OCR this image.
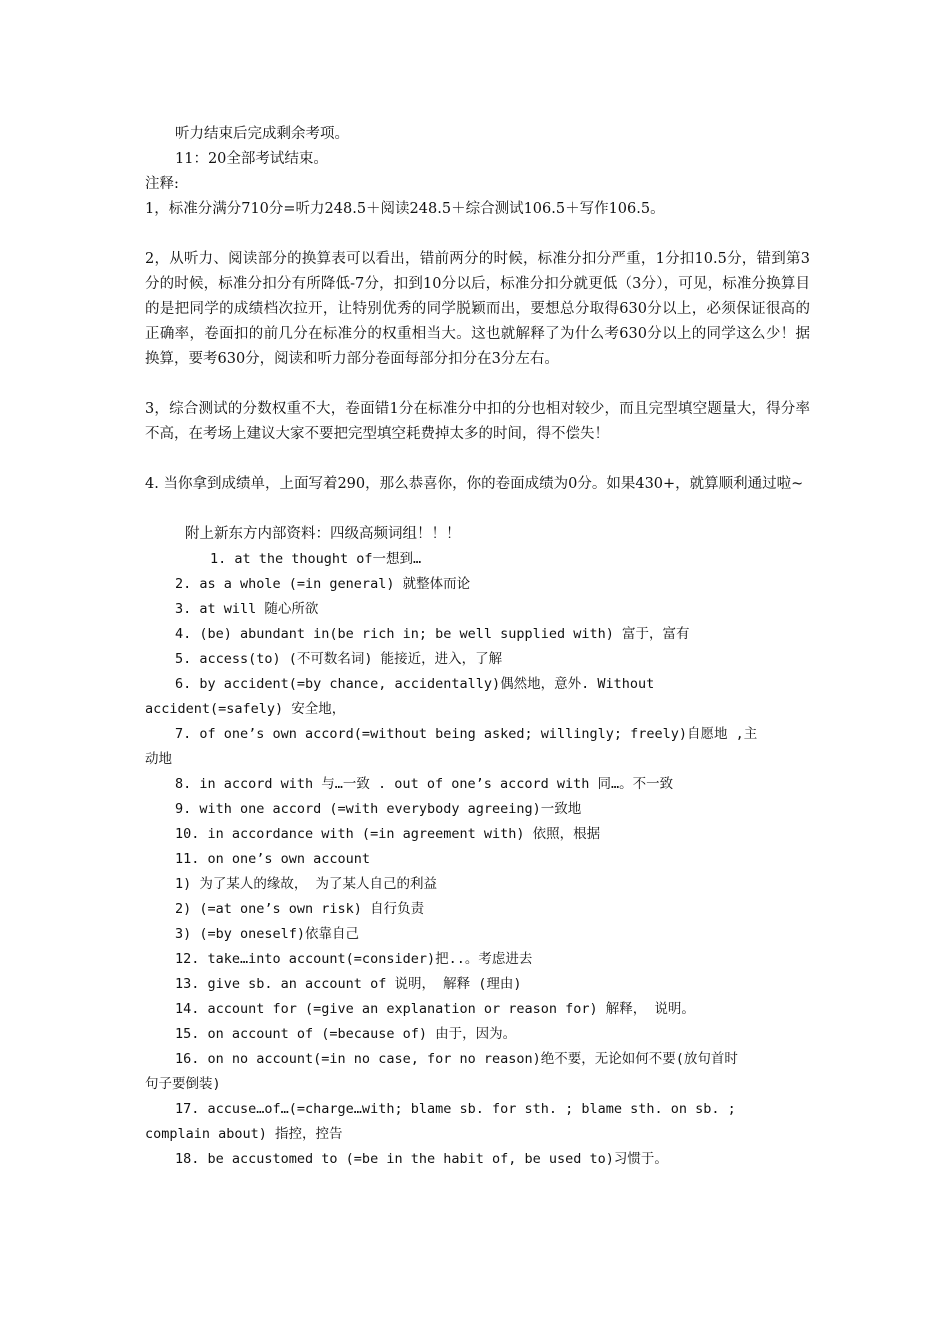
听力结束后完成剩余考项。

11：20全部考试结束。

注释:

1，标准分满分710分=听力248.5＋阅读248.5＋综合测试106.5＋写作106.5。

2，从听力、阅读部分的换算表可以看出，错前两分的时候，标准分扣分严重，1分扣10.5分，错到第3分的时候，标准分扣分有所降低-7分，扣到10分以后，标准分扣分就更低（3分），可见，标准分换算目的是把同学的成绩档次拉开，让特别优秀的同学脱颖而出，要想总分取得630分以上，必须保证很高的正确率，卷面扣的前几分在标准分的权重相当大。这也就解释了为什么考630分以上的同学这么少！据换算，要考630分，阅读和听力部分卷面每部分扣分在3分左右。

3，综合测试的分数权重不大，卷面错1分在标准分中扣的分也相对较少，而且完型填空题量大，得分率不高，在考场上建议大家不要把完型填空耗费掉太多的时间，得不偿失！

4. 当你拿到成绩单，上面写着290，那么恭喜你，你的卷面成绩为0分。如果430+，就算顺利通过啦~

附上新东方内部资料：四级高频词组！！！

1. at the thought of一想到…

2. as a whole (=in general) 就整体而论

3. at will 随心所欲

4. (be) abundant in(be rich in; be well supplied with) 富于，富有

5. access(to) (不可数名词) 能接近，进入，了解

6. by accident(=by chance, accidentally)偶然地，意外. Without

accident(=safely) 安全地，

7. of one’s own accord(=without being asked; willingly; freely)自愿地 ,主

动地

8. in accord with 与…一致 . out of one’s accord with 同…。不一致

9. with one accord (=with everybody agreeing)一致地

10. in accordance with (=in agreement with) 依照，根据

11. on one’s own account

1) 为了某人的缘故， 为了某人自己的利益

2) (=at one’s own risk) 自行负责

3) (=by oneself)依靠自己

12. take…into account(=consider)把..。考虑进去

13. give sb. an account of 说明， 解释 (理由)

14. account for (=give an explanation or reason for) 解释， 说明。

15. on account of (=because of) 由于，因为。

16. on no account(=in no case, for no reason)绝不要，无论如何不要(放句首时

句子要倒装)

17. accuse…of…(=charge…with; blame sb. for sth. ; blame sth. on sb. ;

complain about) 指控，控告

18. be accustomed to (=be in the habit of, be used to)习惯于。
